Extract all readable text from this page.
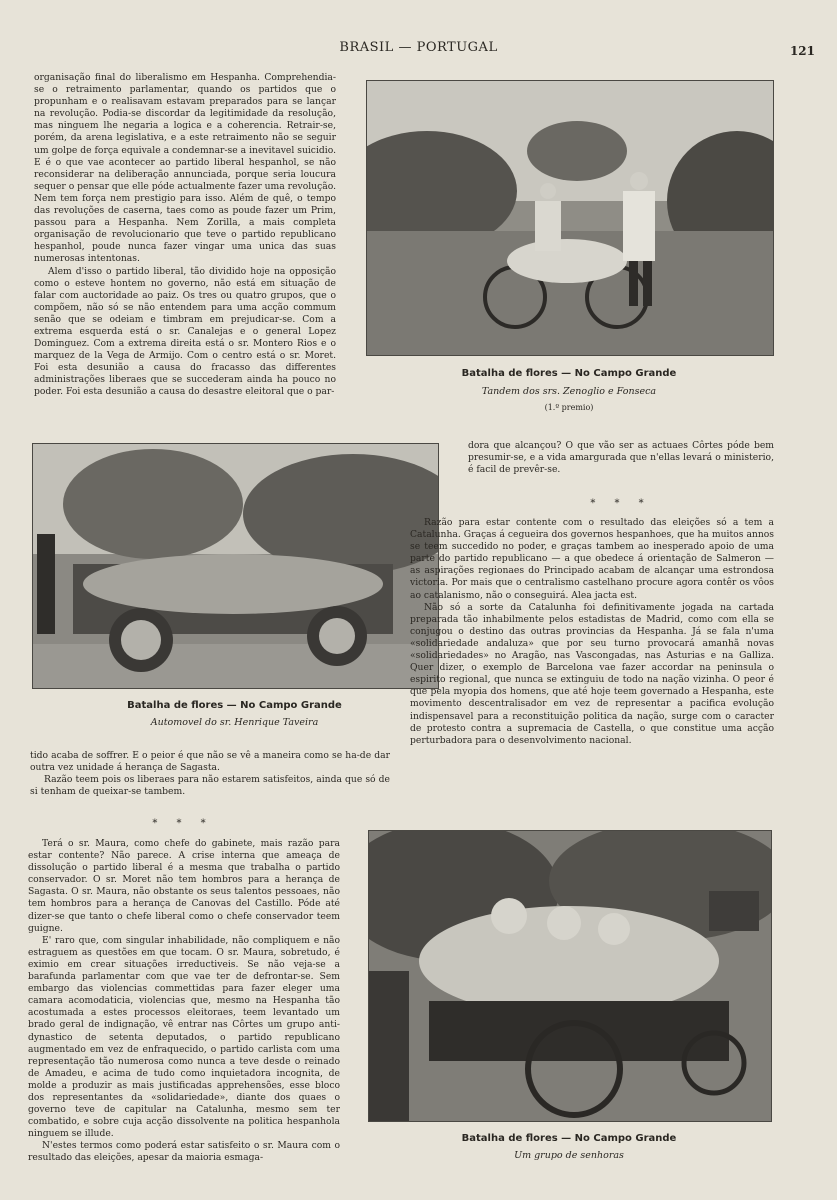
BRASIL — PORTUGAL	121

organisação final do liberalismo em Hespanha. Comprehendia-se o retraimento parlamentar, quando os partidos que o propunham e o realisavam estavam preparados para se lançar na revolução. Podia-se discordar da legitimidade da resolução, mas ninguem lhe negaria a logica e a coherencia. Retrair-se, porém, da arena legislativa, e a este retraimento não se seguir um golpe de força equivale a condemnar-se a inevitavel suicidio. E é o que vae acontecer ao partido liberal hespanhol, se não reconsiderar na deliberação annunciada, porque seria loucura sequer o pensar que elle póde actualmente fazer uma revolução. Nem tem força nem prestigio para isso. Além de quê, o tempo das revoluções de caserna, taes como as poude fazer um Prim, passou para a Hespanha. Nem Zorilla, a mais completa organisação de revolucionario que teve o partido republicano hespanhol, poude nunca fazer vingar uma unica das suas numerosas intentonas.

Alem d'isso o partido liberal, tão dividido hoje na opposição como o esteve hontem no governo, não está em situação de falar com auctoridade ao paiz. Os tres ou quatro grupos, que o compõem, não só se não entendem para uma acção commum senão que se odeiam e timbram em prejudicar-se. Com a extrema esquerda está o sr. Canalejas e o general Lopez Dominguez. Com a extrema direita está o sr. Montero Rios e o marquez de la Vega de Armijo. Com o centro está o sr. Moret. Foi esta desunião a causa do fracasso das differentes administrações liberaes que se succederam ainda ha pouco no poder. Foi esta desunião a causa do desastre eleitoral que o par-

Batalha de flores — No Campo Grande
Tandem dos srs. Zenoglio e Fonseca
(1.º premio)
Batalha de flores — No Campo Grande
Automovel do sr. Henrique Taveira

dora que alcançou? O que vão ser as actuaes Côrtes póde bem presumir-se, e a vida amargurada que n'ellas levará o ministerio, é facil de prevêr-se.

* * *

Razão para estar contente com o resultado das eleições só a tem a Catalunha. Graças á cegueira dos governos hespanhoes, que ha muitos annos se teem succedido no poder, e graças tambem ao inesperado apoio de uma parte do partido republicano — a que obedece á orientação de Salmeron — as aspirações regionaes do Principado acabam de alcançar uma estrondosa victoria. Por mais que o centralismo castelhano procure agora contêr os vôos ao catalanismo, não o conseguirá. Alea jacta est.

Não só a sorte da Catalunha foi definitivamente jogada na cartada preparada tão inhabilmente pelos estadistas de Madrid, como com ella se conjugou o destino das outras provincias da Hespanha. Já se fala n'uma «solidariedade andaluza» que por seu turno provocará amanhã novas «solidariedades» no Aragão, nas Vascongadas, nas Asturias e na Galliza. Quer dizer, o exemplo de Barcelona vae fazer accordar na peninsula o espirito regional, que nunca se extinguiu de todo na nação vizinha. O peor é que pela myopia dos homens, que até hoje teem governado a Hespanha, este movimento descentralisador em vez de representar a pacifica evolução indispensavel para a reconstituição politica da nação, surge com o caracter de protesto contra a supremacia de Castella, o que constitue uma acção perturbadora para o desenvolvimento nacional.

tido acaba de soffrer. E o peior é que não se vê a maneira como se ha-de dar outra vez unidade á herança de Sagasta.

Razão teem pois os liberaes para não estarem satisfeitos, ainda que só de si tenham de queixar-se tambem.

* * *

Terá o sr. Maura, como chefe do gabinete, mais razão para estar contente? Não parece. A crise interna que ameaça de dissolução o partido liberal é a mesma que trabalha o partido conservador. O sr. Moret não tem hombros para a herança de Sagasta. O sr. Maura, não obstante os seus talentos pessoaes, não tem hombros para a herança de Canovas del Castillo. Póde até dizer-se que tanto o chefe liberal como o chefe conservador teem guigne.

E' raro que, com singular inhabilidade, não compliquem e não estraguem as questões em que tocam. O sr. Maura, sobretudo, é eximio em crear situações irreductiveis. Se não veja-se a barafunda parlamentar com que vae ter de defrontar-se. Sem embargo das violencias commettidas para fazer eleger uma camara acomodaticia, violencias que, mesmo na Hespanha tão acostumada a estes processos eleitoraes, teem levantado um brado geral de indignação, vê entrar nas Côrtes um grupo anti-dynastico de setenta deputados, o partido republicano augmentado em vez de enfraquecido, o partido carlista com uma representação tão numerosa como nunca a teve desde o reinado de Amadeu, e acima de tudo como inquietadora incognita, de molde a produzir as mais justificadas apprehensões, esse bloco dos representantes da «solidariedade», diante dos quaes o governo teve de capitular na Catalunha, mesmo sem ter combatido, e sobre cuja acção dissolvente na politica hespanhola ninguem se illude.

N'estes termos como poderá estar satisfeito o sr. Maura com o resultado das eleições, apesar da maioria esmaga-

Batalha de flores — No Campo Grande
Um grupo de senhoras
